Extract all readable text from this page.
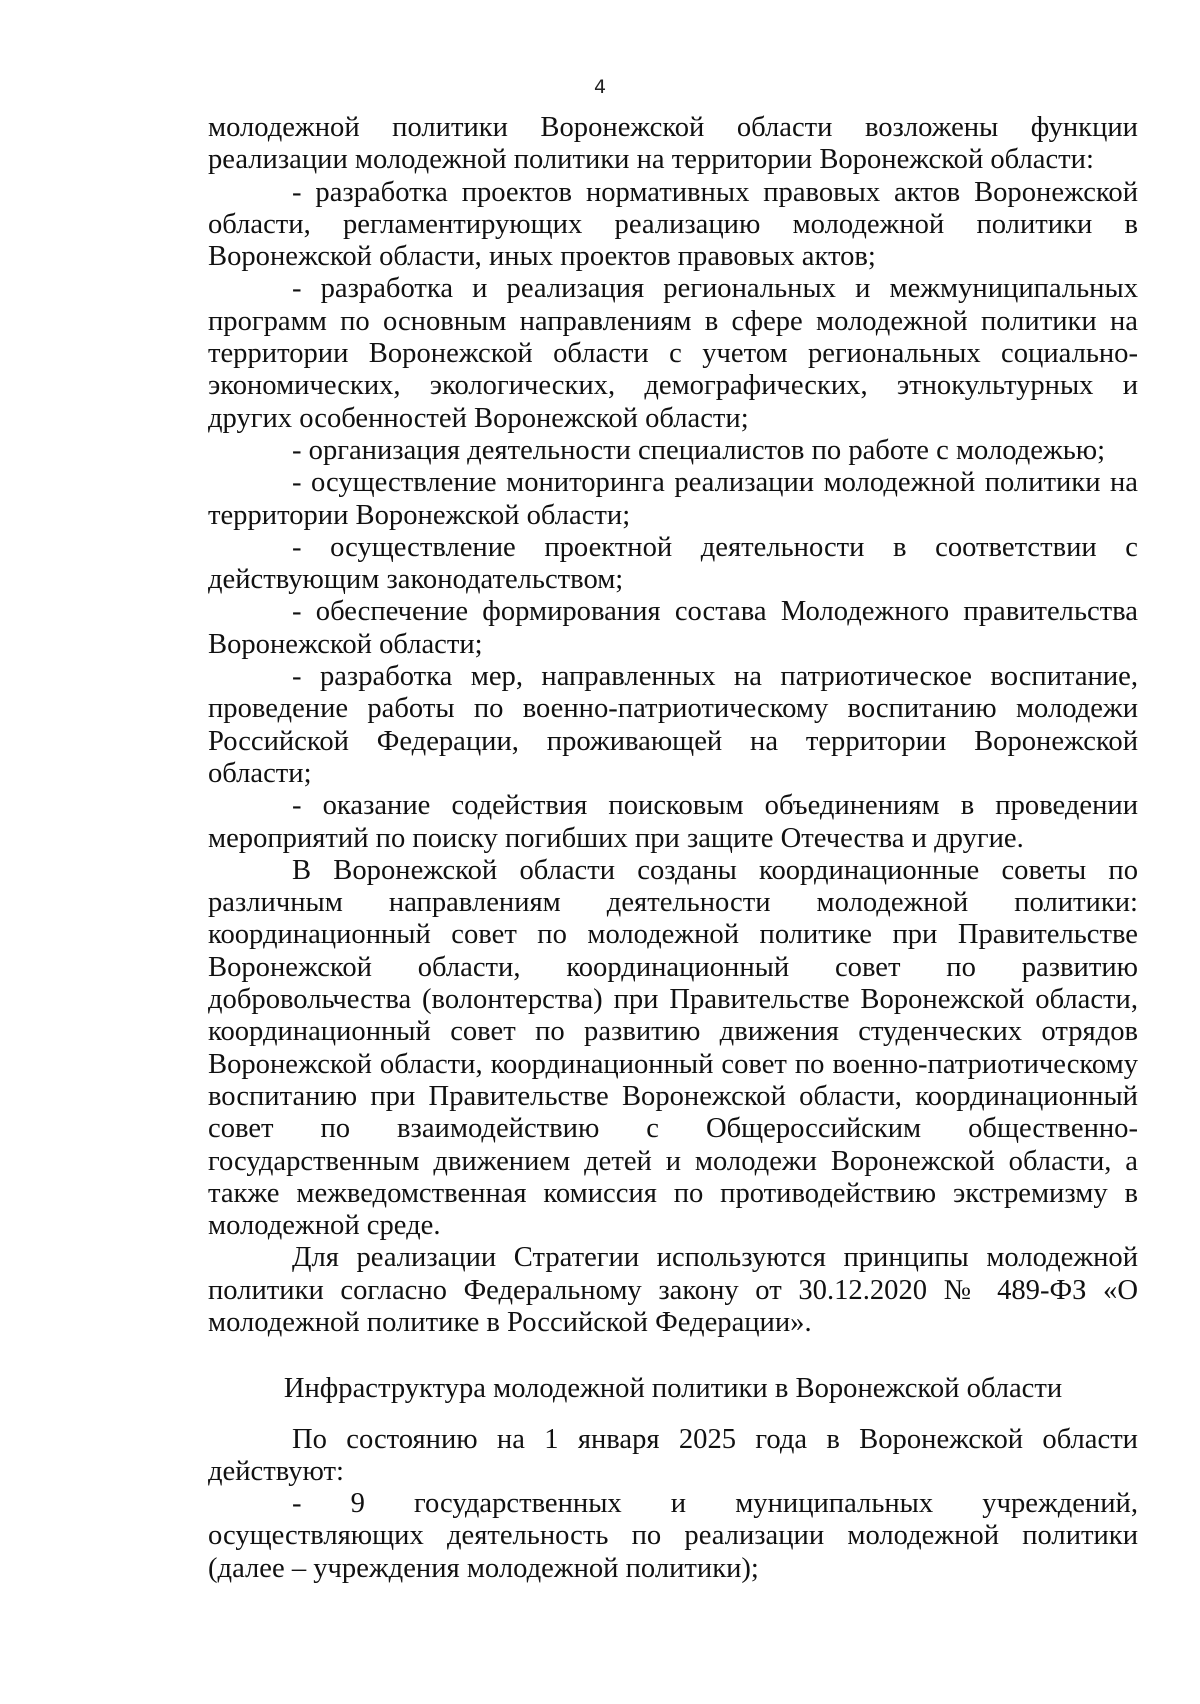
4

молодежной политики Воронежской области возложены функции реализации молодежной политики на территории Воронежской области:

- разработка проектов нормативных правовых актов Воронежской области, регламентирующих реализацию молодежной политики в Воронежской области, иных проектов правовых актов;

- разработка и реализация региональных и межмуниципальных программ по основным направлениям в сфере молодежной политики на территории Воронежской области с учетом региональных социально-экономических, экологических, демографических, этнокультурных и других особенностей Воронежской области;

- организация деятельности специалистов по работе с молодежью;

- осуществление мониторинга реализации молодежной политики на территории Воронежской области;

- осуществление проектной деятельности в соответствии с действующим законодательством;

- обеспечение формирования состава Молодежного правительства Воронежской области;

- разработка мер, направленных на патриотическое воспитание, проведение работы по военно-патриотическому воспитанию молодежи Российской Федерации, проживающей на территории Воронежской области;

- оказание содействия поисковым объединениям в проведении мероприятий по поиску погибших при защите Отечества и другие.

В Воронежской области созданы координационные советы по различным направлениям деятельности молодежной политики: координационный совет по молодежной политике при Правительстве Воронежской области, координационный совет по развитию добровольчества (волонтерства) при Правительстве Воронежской области, координационный совет по развитию движения студенческих отрядов Воронежской области, координационный совет по военно-патриотическому воспитанию при Правительстве Воронежской области, координационный совет по взаимодействию с Общероссийским общественно-государственным движением детей и молодежи Воронежской области, а также межведомственная комиссия по противодействию экстремизму в молодежной среде.

Для реализации Стратегии используются принципы молодежной политики согласно Федеральному закону от 30.12.2020 № 489-ФЗ «О молодежной политике в Российской Федерации».

Инфраструктура молодежной политики в Воронежской области

По состоянию на 1 января 2025 года в Воронежской области действуют:

- 9 государственных и муниципальных учреждений, осуществляющих деятельность по реализации молодежной политики (далее – учреждения молодежной политики);
